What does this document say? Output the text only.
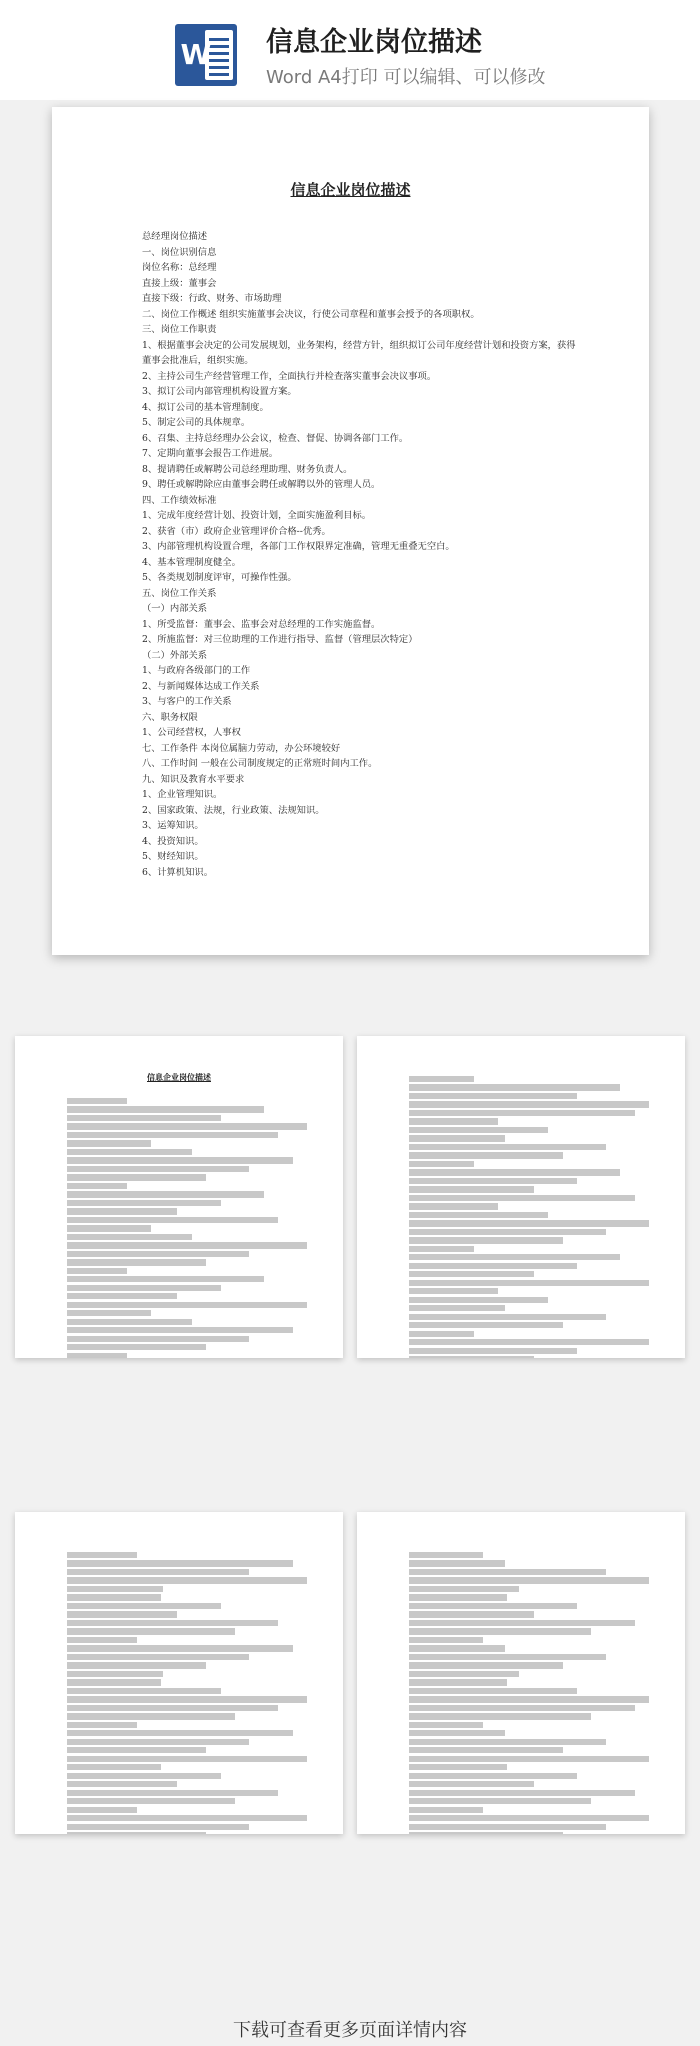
W 信息企业岗位描述
Word A4打印 可以编辑、可以修改
信息企业岗位描述
总经理岗位描述
一、岗位识别信息
岗位名称：总经理
直接上级：董事会
直接下级：行政、财务、市场助理
二、岗位工作概述 组织实施董事会决议，行使公司章程和董事会授予的各项职权。
三、岗位工作职责
1、根据董事会决定的公司发展规划，业务架构，经营方针，组织拟订公司年度经营计划和投资方案，获得
董事会批准后，组织实施。
2、主持公司生产经营管理工作，全面执行并检查落实董事会决议事项。
3、拟订公司内部管理机构设置方案。
4、拟订公司的基本管理制度。
5、制定公司的具体规章。
6、召集、主持总经理办公会议，检查、督促、协调各部门工作。
7、定期向董事会报告工作进展。
8、提请聘任或解聘公司总经理助理、财务负责人。
9、聘任或解聘除应由董事会聘任或解聘以外的管理人员。
四、工作绩效标准
1、完成年度经营计划、投资计划，全面实施盈利目标。
2、获省（市）政府企业管理评价合格--优秀。
3、内部管理机构设置合理，各部门工作权限界定准确，管理无重叠无空白。
4、基本管理制度健全。
5、各类规划制度评审，可操作性强。
五、岗位工作关系
（一）内部关系
1、所受监督：董事会、监事会对总经理的工作实施监督。
2、所施监督：对三位助理的工作进行指导、监督（管理层次特定）
（二）外部关系
1、与政府各级部门的工作
2、与新闻媒体达成工作关系
3、与客户的工作关系
六、职务权限
1、公司经营权，人事权
七、工作条件 本岗位属脑力劳动，办公环境较好
八、工作时间 一般在公司制度规定的正常班时间内工作。
九、知识及教育水平要求
1、企业管理知识。
2、国家政策、法规，行业政策、法规知识。
3、运筹知识。
4、投资知识。
5、财经知识。
6、计算机知识。
信息企业岗位描述
下载可查看更多页面详情内容
